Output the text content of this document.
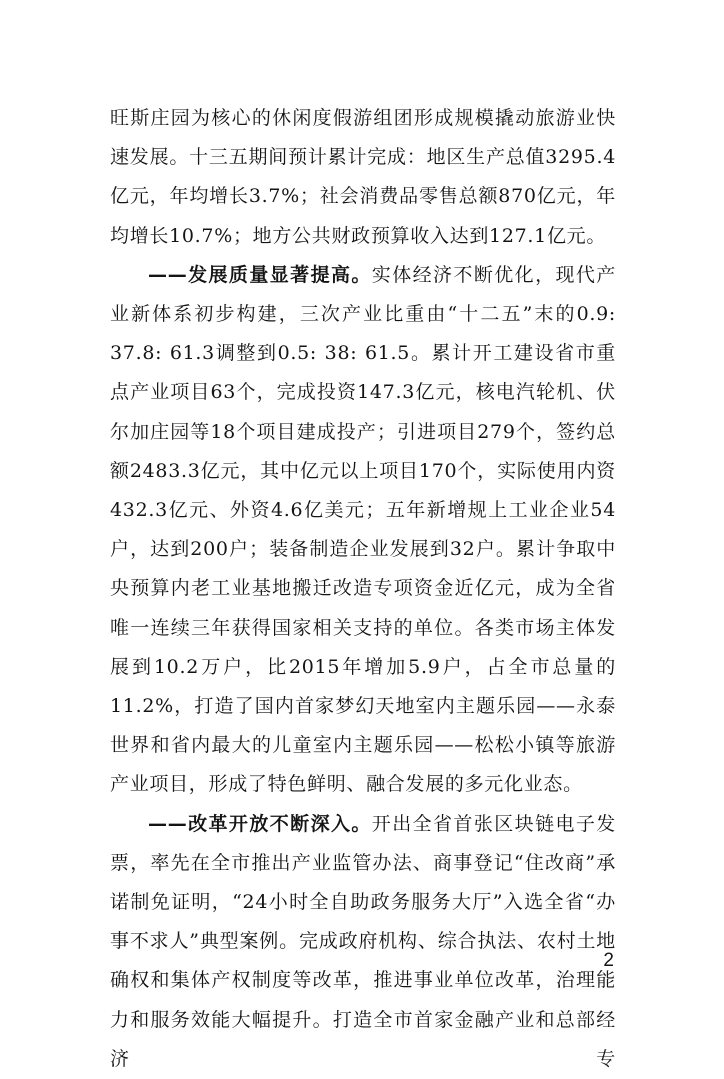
旺斯庄园为核心的休闲度假游组团形成规模撬动旅游业快速发展。十三五期间预计累计完成：地区生产总值3295.4亿元，年均增长3.7%；社会消费品零售总额870亿元，年均增长10.7%；地方公共财政预算收入达到127.1亿元。

——发展质量显著提高。实体经济不断优化，现代产业新体系初步构建，三次产业比重由“十二五”末的0.9: 37.8: 61.3调整到0.5: 38: 61.5。累计开工建设省市重点产业项目63个，完成投资147.3亿元，核电汽轮机、伏尔加庄园等18个项目建成投产；引进项目279个，签约总额2483.3亿元，其中亿元以上项目170个，实际使用内资432.3亿元、外资4.6亿美元；五年新增规上工业企业54户，达到200户；装备制造企业发展到32户。累计争取中央预算内老工业基地搬迁改造专项资金近亿元，成为全省唯一连续三年获得国家相关支持的单位。各类市场主体发展到10.2万户，比2015年增加5.9户，占全市总量的11.2%，打造了国内首家梦幻天地室内主题乐园——永泰世界和省内最大的儿童室内主题乐园——松松小镇等旅游产业项目，形成了特色鲜明、融合发展的多元化业态。

——改革开放不断深入。开出全省首张区块链电子发票，率先在全市推出产业监管办法、商事登记“住改商”承诺制免证明，“24小时全自助政务服务大厅”入选全省“办事不求人”典型案例。完成政府机构、综合执法、农村土地确权和集体产权制度等改革，推进事业单位改革，治理能力和服务效能大幅提升。打造全市首家金融产业和总部经济专

2
